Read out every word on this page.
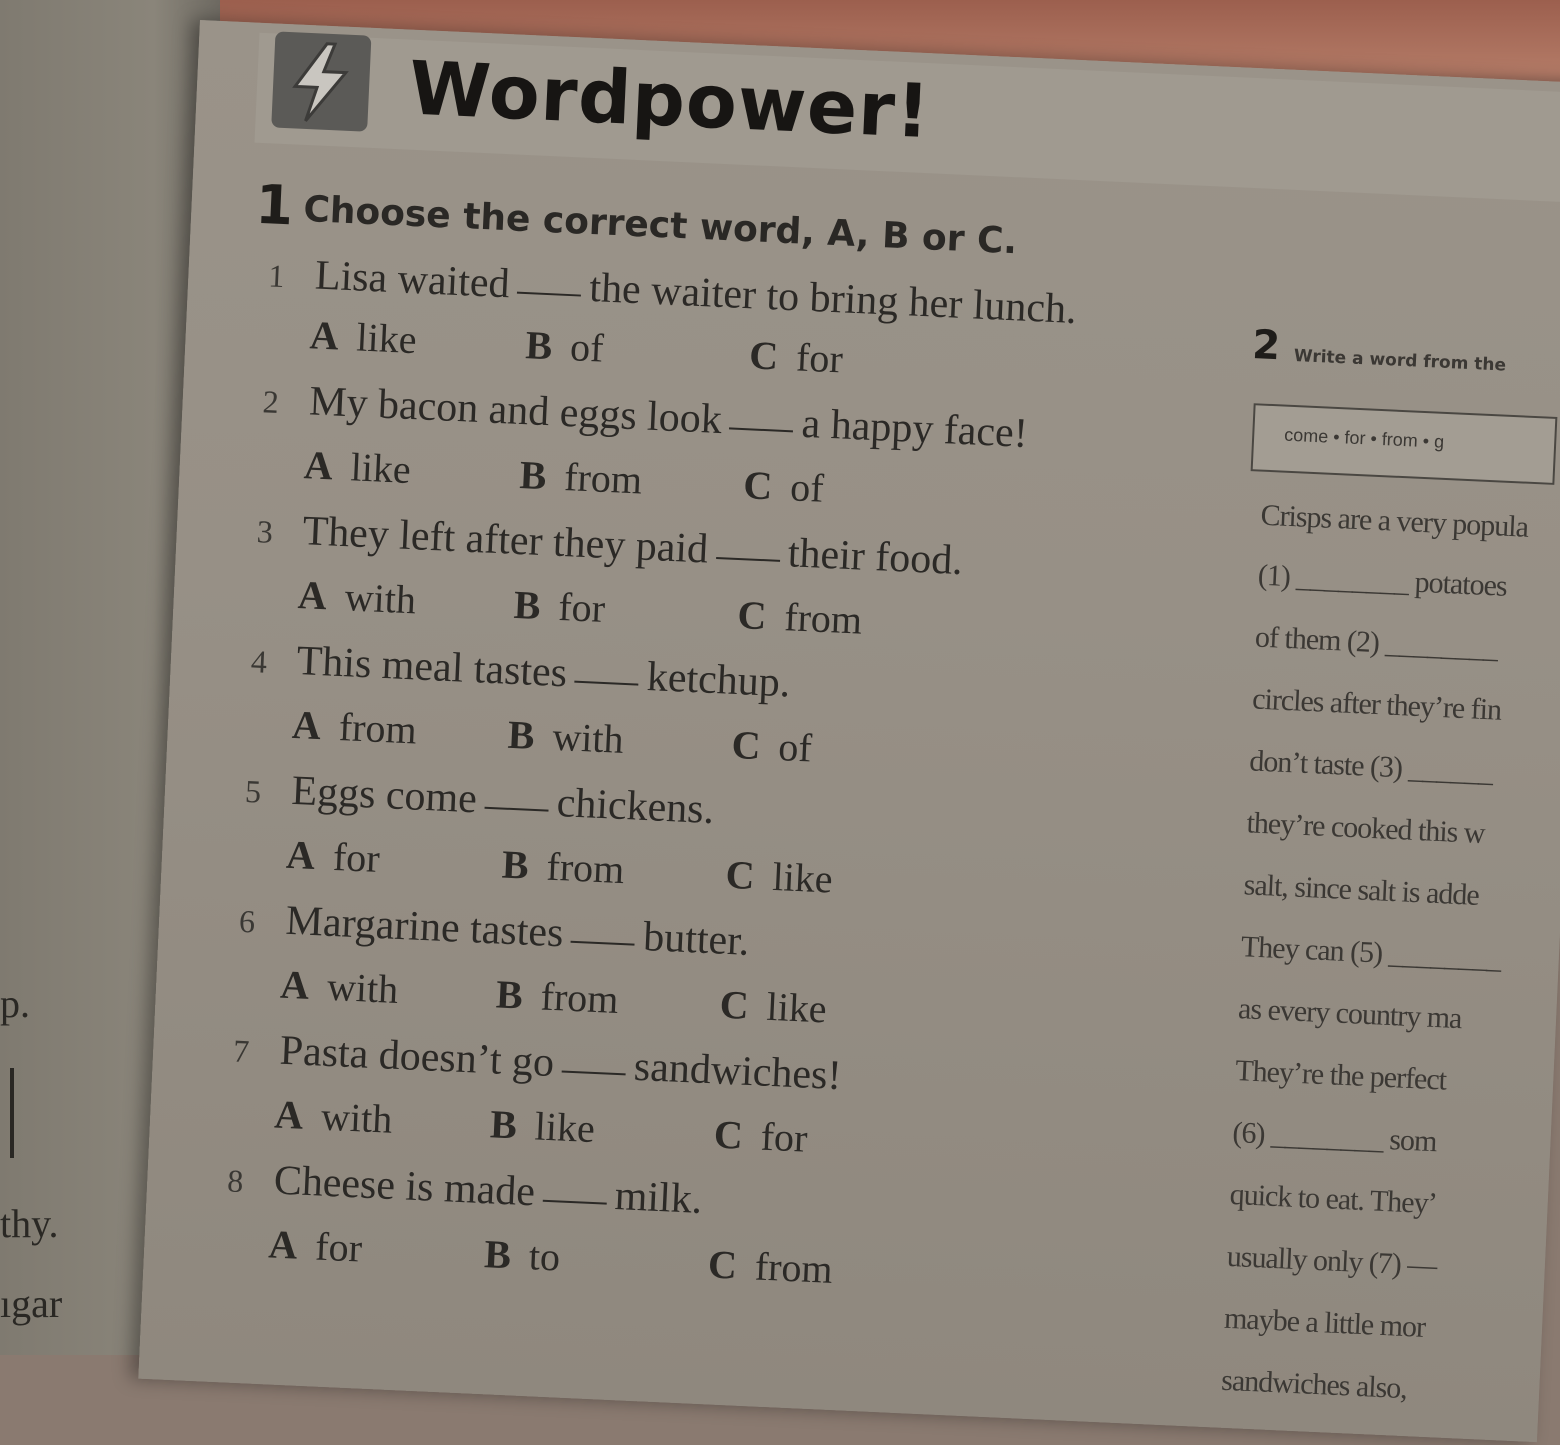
p.
thy.
ıgar
Wordpower!
1 Choose the correct word, A, B or C.
1 Lisa waited the waiter to bring her lunch.
A like	B of	C for
2 My bacon and eggs look a happy face!
A like	B from C of
3 They left after they paid their food.
A with B for	C from
4 This meal tastes ketchup.
A from B with	C of
5 Eggs come chickens.
A for	B from C like
6 Margarine tastes butter.
A with B from C like
7 Pasta doesn’t go sandwiches!
A with B like	C for
8 Cheese is made milk.
A for	B to	C from
2 Write a word from the
come • for • from • g
Crisps are a very popula
(1) ________ potatoes
of them (2) ________
circles after they’re fin
don’t taste (3) ______
they’re cooked this w
salt, since salt is adde
They can (5) ________
as every country ma
They’re the perfect
(6) ________ som
quick to eat. They’
usually only (7) —
maybe a little mor
sandwiches also,
